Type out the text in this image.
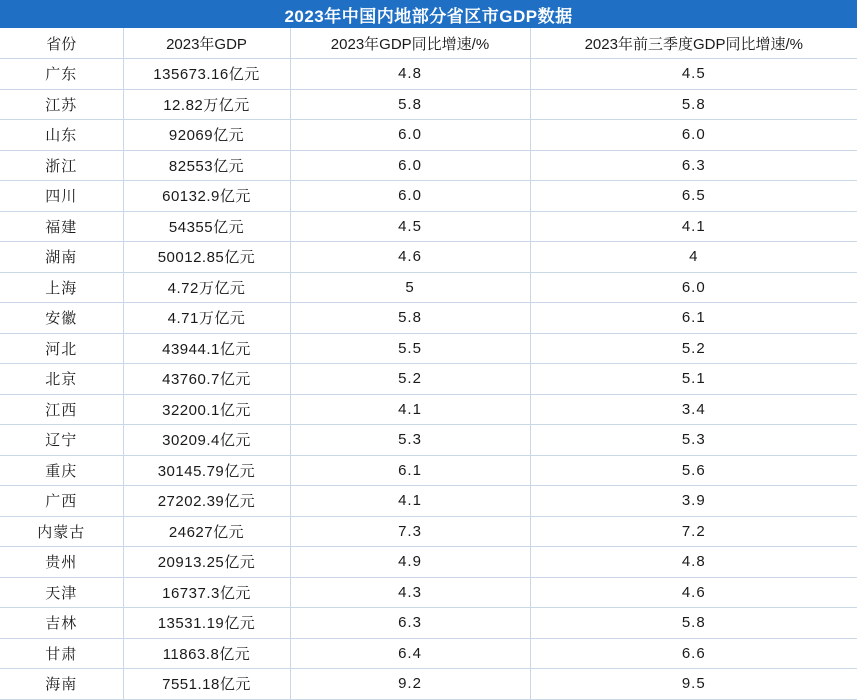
2023年中国内地部分省区市GDP数据			
省份	2023年GDP	2023年GDP同比增速/%	2023年前三季度GDP同比增速/%
广东	135673.16亿元	4.8	4.5
江苏	12.82万亿元	5.8	5.8
山东	92069亿元	6.0	6.0
浙江	82553亿元	6.0	6.3
四川	60132.9亿元	6.0	6.5
福建	54355亿元	4.5	4.1
湖南	50012.85亿元	4.6	4
上海	4.72万亿元	5	6.0
安徽	4.71万亿元	5.8	6.1
河北	43944.1亿元	5.5	5.2
北京	43760.7亿元	5.2	5.1
江西	32200.1亿元	4.1	3.4
辽宁	30209.4亿元	5.3	5.3
重庆	30145.79亿元	6.1	5.6
广西	27202.39亿元	4.1	3.9
内蒙古	24627亿元	7.3	7.2
贵州	20913.25亿元	4.9	4.8
天津	16737.3亿元	4.3	4.6
吉林	13531.19亿元	6.3	5.8
甘肃	11863.8亿元	6.4	6.6
海南	7551.18亿元	9.2	9.5
